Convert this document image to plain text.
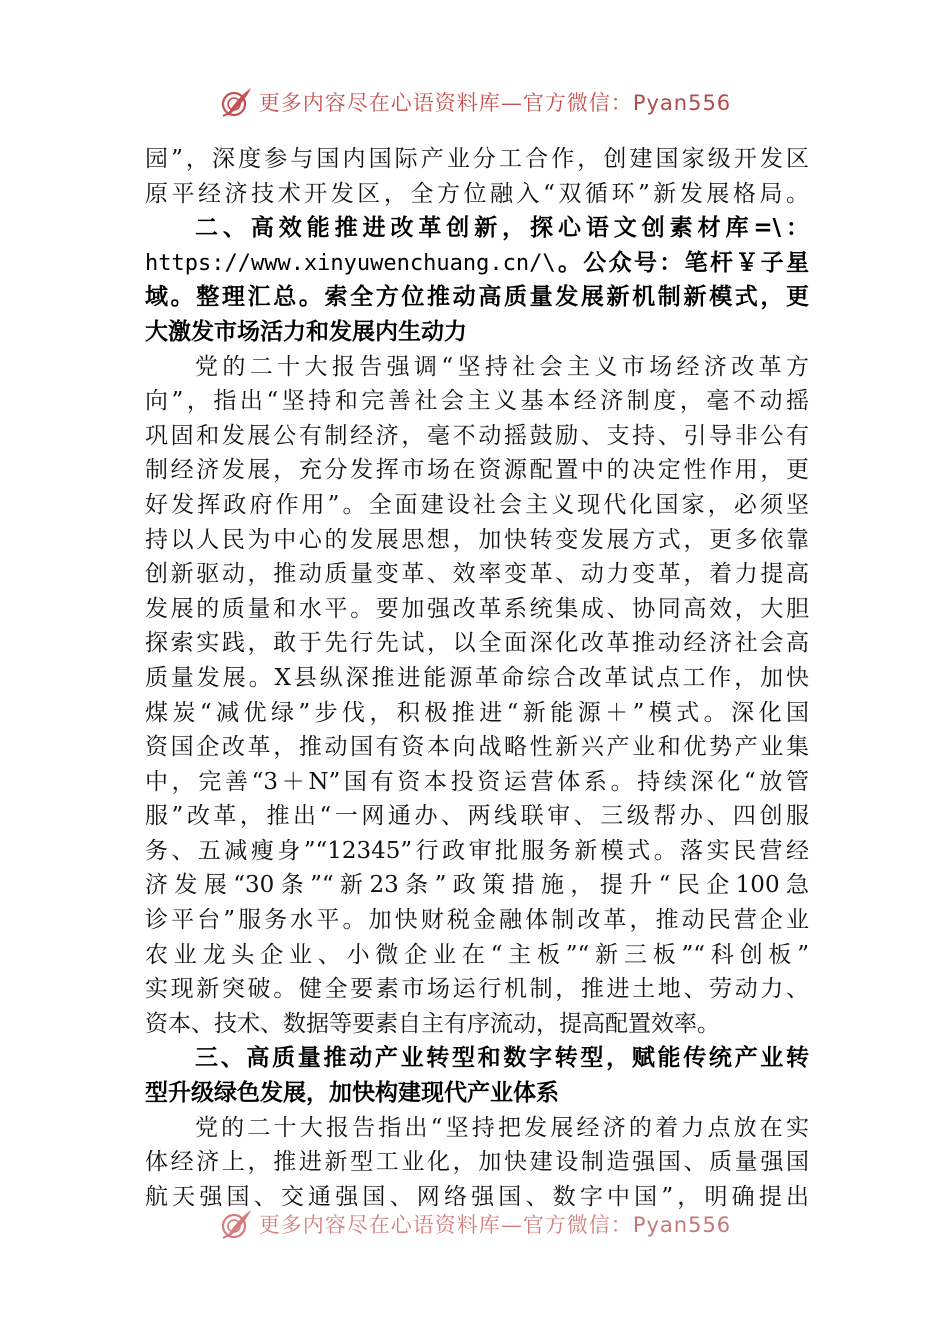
更多内容尽在心语资料库—官方微信：Pyan556
园”，深度参与国内国际产业分工合作，创建国家级开发区
原平经济技术开发区，全方位融入“双循环”新发展格局。
二、高效能推进改革创新，探心语文创素材库=\：
https://www.xinyuwenchuang.cn/\。公众号：笔杆￥子星
域。整理汇总。索全方位推动高质量发展新机制新模式，更
大激发市场活力和发展内生动力
党的二十大报告强调“坚持社会主义市场经济改革方
向”，指出“坚持和完善社会主义基本经济制度，毫不动摇
巩固和发展公有制经济，毫不动摇鼓励、支持、引导非公有
制经济发展，充分发挥市场在资源配置中的决定性作用，更
好发挥政府作用”。全面建设社会主义现代化国家，必须坚
持以人民为中心的发展思想，加快转变发展方式，更多依靠
创新驱动，推动质量变革、效率变革、动力变革，着力提高
发展的质量和水平。要加强改革系统集成、协同高效，大胆
探索实践，敢于先行先试，以全面深化改革推动经济社会高
质量发展。X县纵深推进能源革命综合改革试点工作，加快
煤炭“减优绿”步伐，积极推进“新能源＋”模式。深化国
资国企改革，推动国有资本向战略性新兴产业和优势产业集
中，完善“3＋N”国有资本投资运营体系。持续深化“放管
服”改革，推出“一网通办、两线联审、三级帮办、四创服
务、五减瘦身”“12345”行政审批服务新模式。落实民营经
济发展“30条”“新23条”政策措施，提升“民企100急
诊平台”服务水平。加快财税金融体制改革，推动民营企业
农业龙头企业、小微企业在“主板”“新三板”“科创板”
实现新突破。健全要素市场运行机制，推进土地、劳动力、
资本、技术、数据等要素自主有序流动，提高配置效率。
三、高质量推动产业转型和数字转型，赋能传统产业转
型升级绿色发展，加快构建现代产业体系
党的二十大报告指出“坚持把发展经济的着力点放在实
体经济上，推进新型工业化，加快建设制造强国、质量强国
航天强国、交通强国、网络强国、数字中国”，明确提出
更多内容尽在心语资料库—官方微信：Pyan556
